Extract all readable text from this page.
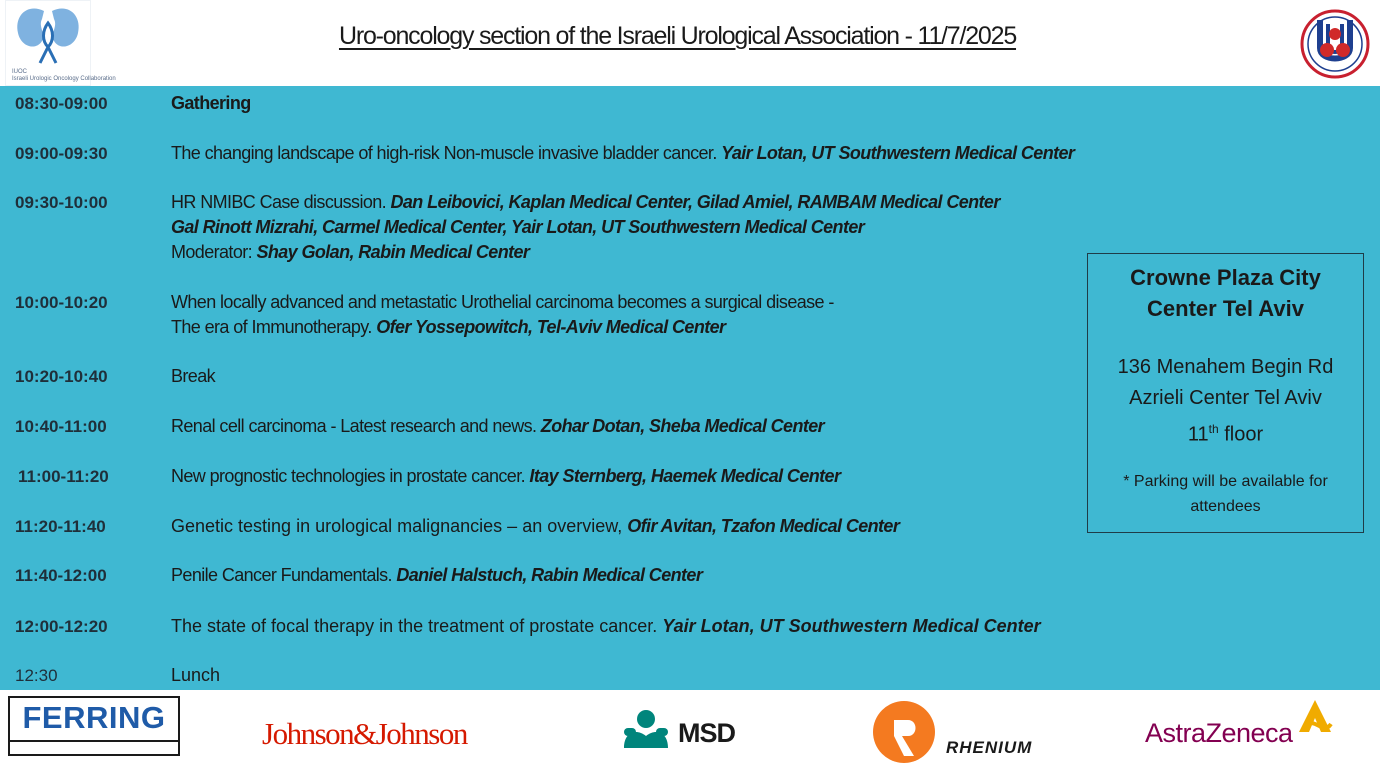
IUOC
Israeli Urologic Oncology Collaboration
Uro-oncology section of the Israeli Urological Association - 11/7/2025
08:30-09:00	Gathering
09:00-09:30	The changing landscape of high-risk Non-muscle invasive bladder cancer. Yair Lotan, UT Southwestern Medical Center
09:30-10:00	HR NMIBC Case discussion. Dan Leibovici, Kaplan Medical Center, Gilad Amiel, RAMBAM Medical Center
Gal Rinott Mizrahi, Carmel Medical Center, Yair Lotan, UT Southwestern Medical Center
Moderator: Shay Golan, Rabin Medical Center
10:00-10:20	When locally advanced and metastatic Urothelial carcinoma becomes a surgical disease -
The era of Immunotherapy. Ofer Yossepowitch, Tel-Aviv Medical Center
10:20-10:40	Break
10:40-11:00	Renal cell carcinoma - Latest research and news. Zohar Dotan, Sheba Medical Center
11:00-11:20	New prognostic technologies in prostate cancer. Itay Sternberg, Haemek Medical Center
11:20-11:40	Genetic testing in urological malignancies – an overview, Ofir Avitan, Tzafon Medical Center
11:40-12:00	Penile Cancer Fundamentals. Daniel Halstuch, Rabin Medical Center
12:00-12:20	The state of focal therapy in the treatment of prostate cancer. Yair Lotan, UT Southwestern Medical Center
12:30	Lunch
Crowne Plaza City
Center Tel Aviv
136 Menahem Begin Rd
Azrieli Center Tel Aviv
11th floor
* Parking will be available for
attendees
FERRING	Johnson&Johnson	MSD	RHENIUM	AstraZeneca
